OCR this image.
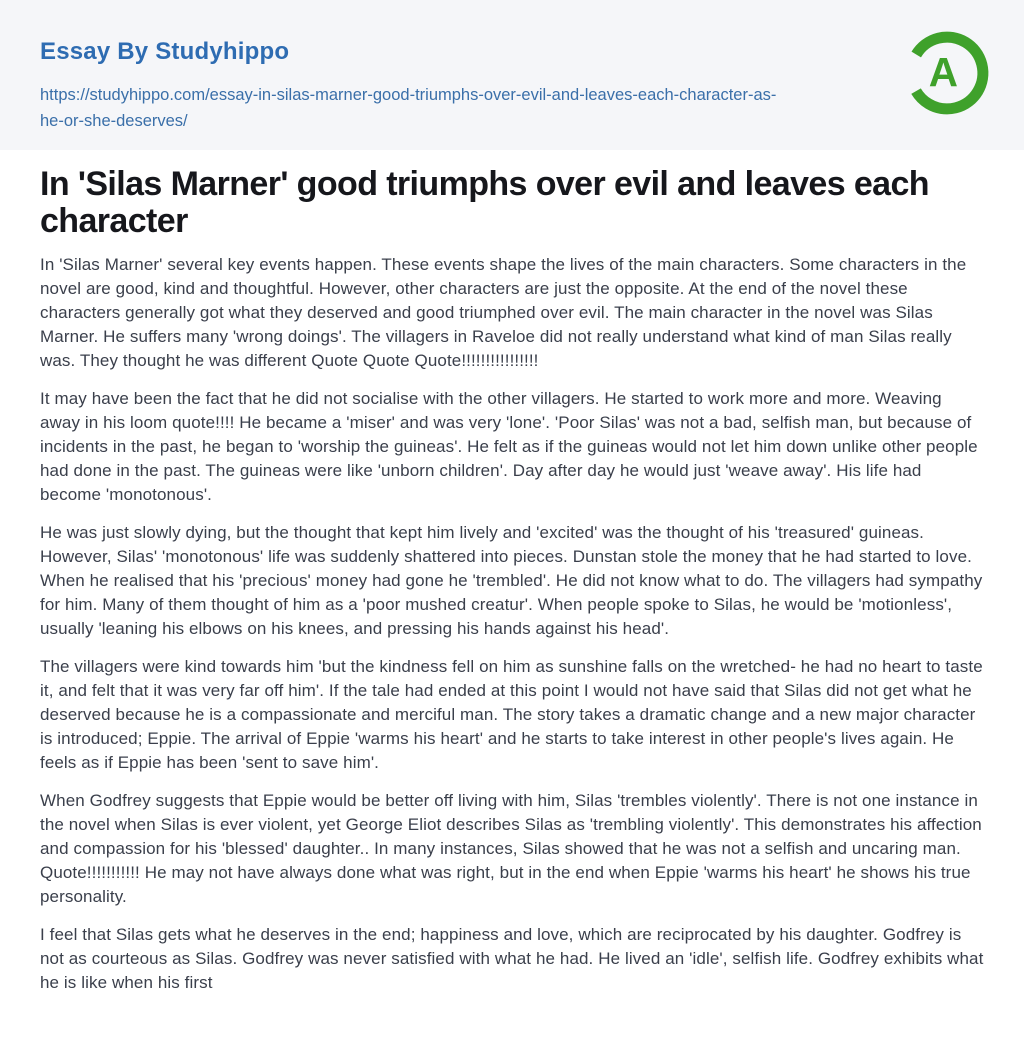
Essay By Studyhippo
https://studyhippo.com/essay-in-silas-marner-good-triumphs-over-evil-and-leaves-each-character-as-he-or-she-deserves/
A
In 'Silas Marner' good triumphs over evil and leaves each character

In 'Silas Marner' several key events happen. These events shape the lives of the main characters. Some characters in the novel are good, kind and thoughtful. However, other characters are just the opposite. At the end of the novel these characters generally got what they deserved and good triumphed over evil. The main character in the novel was Silas Marner. He suffers many 'wrong doings'. The villagers in Raveloe did not really understand what kind of man Silas really was. They thought he was different Quote Quote Quote!!!!!!!!!!!!!!!!

It may have been the fact that he did not socialise with the other villagers. He started to work more and more. Weaving away in his loom quote!!!! He became a 'miser' and was very 'lone'. 'Poor Silas' was not a bad, selfish man, but because of incidents in the past, he began to 'worship the guineas'. He felt as if the guineas would not let him down unlike other people had done in the past. The guineas were like 'unborn children'. Day after day he would just 'weave away'. His life had become 'monotonous'.

He was just slowly dying, but the thought that kept him lively and 'excited' was the thought of his 'treasured' guineas. However, Silas' 'monotonous' life was suddenly shattered into pieces. Dunstan stole the money that he had started to love. When he realised that his 'precious' money had gone he 'trembled'. He did not know what to do. The villagers had sympathy for him. Many of them thought of him as a 'poor mushed creatur'. When people spoke to Silas, he would be 'motionless', usually 'leaning his elbows on his knees, and pressing his hands against his head'.

The villagers were kind towards him 'but the kindness fell on him as sunshine falls on the wretched- he had no heart to taste it, and felt that it was very far off him'. If the tale had ended at this point I would not have said that Silas did not get what he deserved because he is a compassionate and merciful man. The story takes a dramatic change and a new major character is introduced; Eppie. The arrival of Eppie 'warms his heart' and he starts to take interest in other people's lives again. He feels as if Eppie has been 'sent to save him'.

When Godfrey suggests that Eppie would be better off living with him, Silas 'trembles violently'. There is not one instance in the novel when Silas is ever violent, yet George Eliot describes Silas as 'trembling violently'. This demonstrates his affection and compassion for his 'blessed' daughter.. In many instances, Silas showed that he was not a selfish and uncaring man. Quote!!!!!!!!!!! He may not have always done what was right, but in the end when Eppie 'warms his heart' he shows his true personality.

I feel that Silas gets what he deserves in the end; happiness and love, which are reciprocated by his daughter. Godfrey is not as courteous as Silas. Godfrey was never satisfied with what he had. He lived an 'idle', selfish life. Godfrey exhibits what he is like when his first
